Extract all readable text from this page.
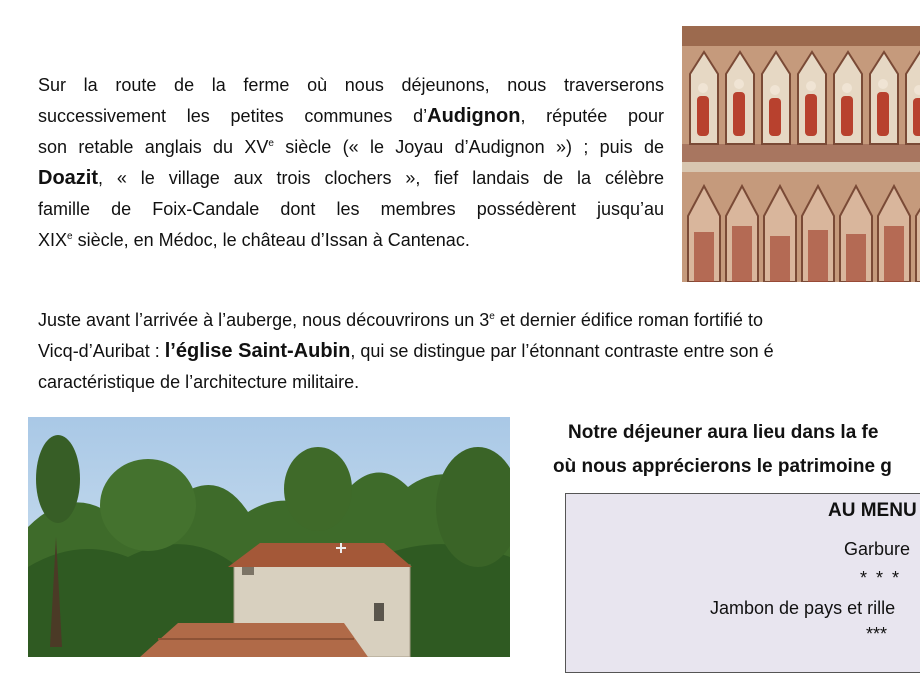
Sur la route de la ferme où nous déjeunons, nous traverserons
successivement les petites communes d’Audignon, réputée pour
son retable anglais du XVe siècle (« le Joyau d’Audignon ») ; puis de
Doazit, « le village aux trois clochers », fief landais de la célèbre
famille de Foix-Candale dont les membres possédèrent jusqu’au
XIXe siècle, en Médoc, le château d’Issan à Cantenac.
Juste avant l’arrivée à l’auberge, nous découvrirons un 3e et dernier édifice roman fortifié to
Vicq-d’Auribat : l’église Saint-Aubin, qui se distingue par l’étonnant contraste entre son é
caractéristique de l’architecture militaire.
Notre déjeuner aura lieu dans la fe
où nous apprécierons le patrimoine g
AU MENU
Garbure
* * *
Jambon de pays et rille
***
